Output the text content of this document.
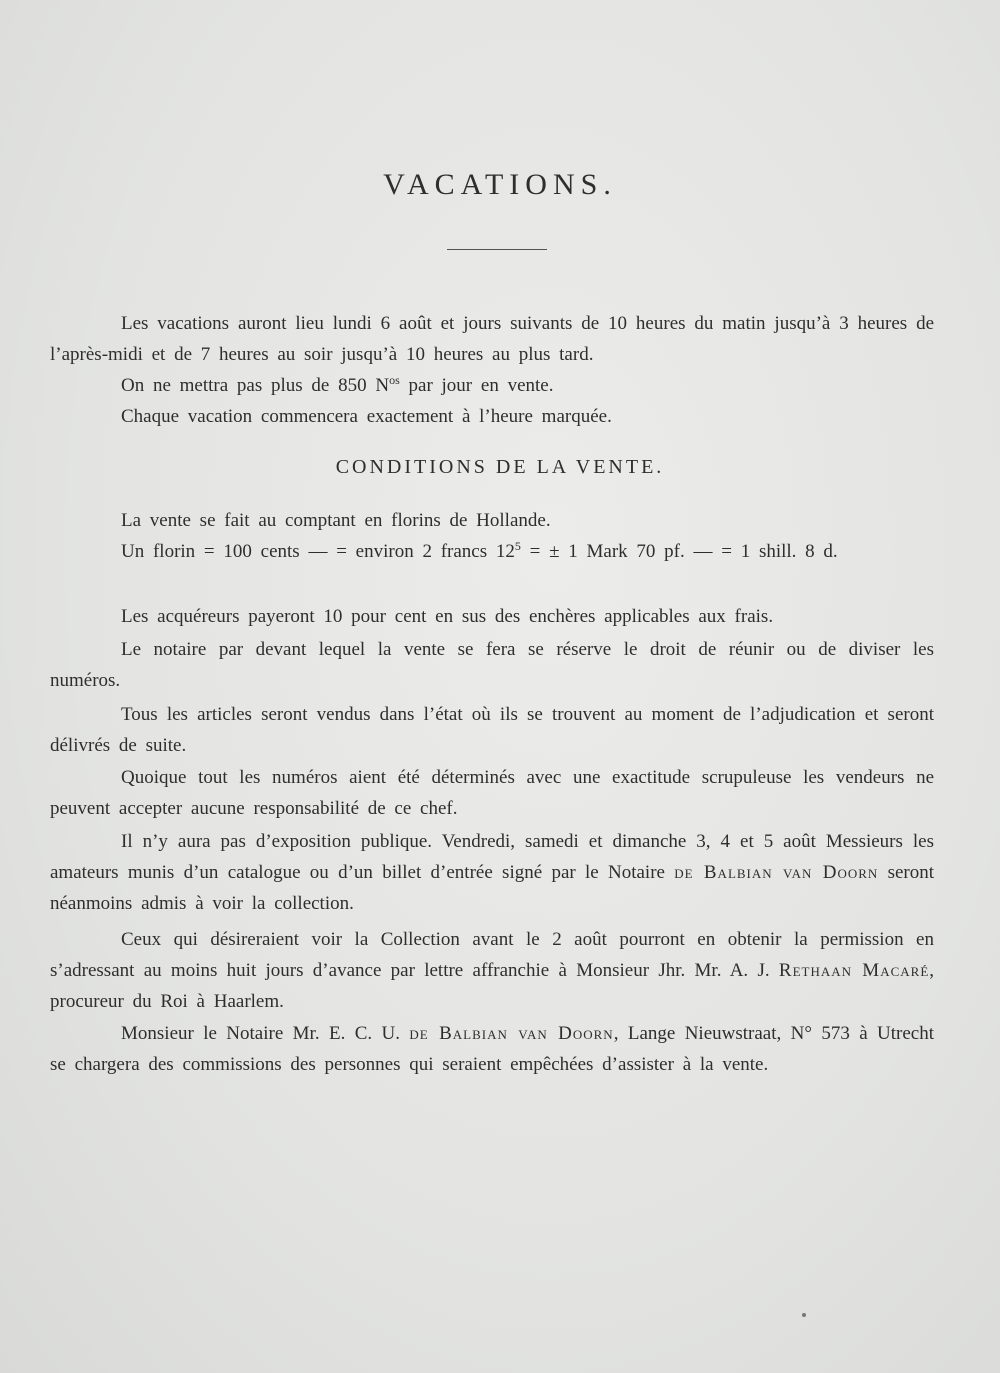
VACATIONS.

Les vacations auront lieu lundi 6 août et jours suivants de 10 heures du matin jusqu’à 3 heures de l’après-midi et de 7 heures au soir jusqu’à 10 heures au plus tard.

On ne mettra pas plus de 850 $N^{os}$ par jour en vente.

Chaque vacation commencera exactement à l’heure marquée.

CONDITIONS DE LA VENTE.

La vente se fait au comptant en florins de Hollande.

Un florin = 100 cents — = environ 2 francs $12^5$ = ± 1 Mark 70 pf. — = 1 shill. 8 d.

Les acquéreurs payeront 10 pour cent en sus des enchères applicables aux frais.

Le notaire par devant lequel la vente se fera se réserve le droit de réunir ou de diviser les numéros.

Tous les articles seront vendus dans l’état où ils se trouvent au moment de l’adjudication et seront délivrés de suite.

Quoique tout les numéros aient été déterminés avec une exactitude scrupuleuse les vendeurs ne peuvent accepter aucune responsabilité de ce chef.

Il n’y aura pas d’exposition publique. Vendredi, samedi et dimanche 3, 4 et 5 août Messieurs les amateurs munis d’un catalogue ou d’un billet d’entrée signé par le Notaire de Balbian van Doorn seront néanmoins admis à voir la collection.

Ceux qui désireraient voir la Collection avant le 2 août pourront en obtenir la permission en s’adressant au moins huit jours d’avance par lettre affranchie à Monsieur Jhr. Mr. A. J. Rethaan Macaré, procureur du Roi à Haarlem.

Monsieur le Notaire Mr. E. C. U. de Balbian van Doorn, Lange Nieuwstraat, N° 573 à Utrecht se chargera des commissions des personnes qui seraient empêchées d’assister à la vente.
